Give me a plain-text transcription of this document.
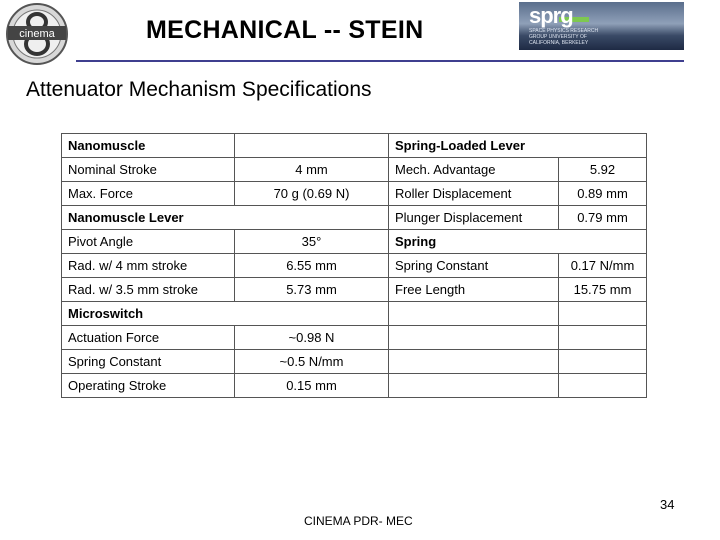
cinema	MECHANICAL -- STEIN
sprg
SPACE PHYSICS RESEARCH GROUP UNIVERSITY OF CALIFORNIA, BERKELEY
Attenuator Mechanism Specifications
Nanomuscle		Spring-Loaded Lever	
Nominal Stroke	4 mm	Mech. Advantage	5.92
Max. Force	70 g (0.69 N)	Roller Displacement	0.89 mm
Nanomuscle Lever		Plunger Displacement	0.79 mm
Pivot Angle	35°	Spring	
Rad. w/ 4 mm stroke	6.55 mm	Spring Constant	0.17 N/mm
Rad. w/ 3.5 mm stroke	5.73 mm	Free Length	15.75 mm
Microswitch			
Actuation Force	~0.98 N		
Spring Constant	~0.5 N/mm		
Operating Stroke	0.15 mm		
34
CINEMA PDR- MEC
